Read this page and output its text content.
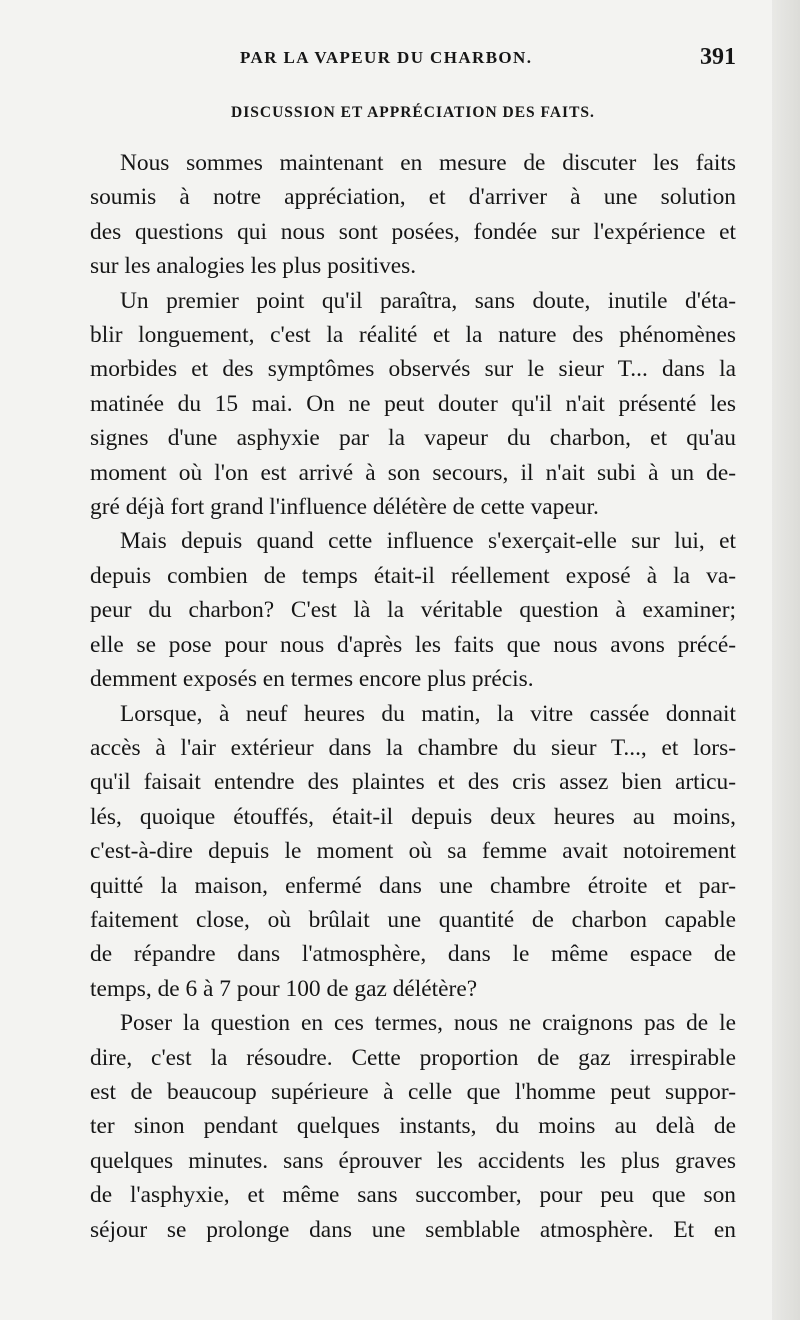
PAR LA VAPEUR DU CHARBON.	391
DISCUSSION ET APPRÉCIATION DES FAITS.

Nous sommes maintenant en mesure de discuter les faits
soumis à notre appréciation, et d'arriver à une solution
des questions qui nous sont posées, fondée sur l'expérience et
sur les analogies les plus positives.

Un premier point qu'il paraîtra, sans doute, inutile d'éta-
blir longuement, c'est la réalité et la nature des phénomènes
morbides et des symptômes observés sur le sieur T... dans la
matinée du 15 mai. On ne peut douter qu'il n'ait présenté les
signes d'une asphyxie par la vapeur du charbon, et qu'au
moment où l'on est arrivé à son secours, il n'ait subi à un de-
gré déjà fort grand l'influence délétère de cette vapeur.

Mais depuis quand cette influence s'exerçait-elle sur lui, et
depuis combien de temps était-il réellement exposé à la va-
peur du charbon? C'est là la véritable question à examiner;
elle se pose pour nous d'après les faits que nous avons précé-
demment exposés en termes encore plus précis.

Lorsque, à neuf heures du matin, la vitre cassée donnait
accès à l'air extérieur dans la chambre du sieur T..., et lors-
qu'il faisait entendre des plaintes et des cris assez bien articu-
lés, quoique étouffés, était-il depuis deux heures au moins,
c'est-à-dire depuis le moment où sa femme avait notoirement
quitté la maison, enfermé dans une chambre étroite et par-
faitement close, où brûlait une quantité de charbon capable
de répandre dans l'atmosphère, dans le même espace de
temps, de 6 à 7 pour 100 de gaz délétère?

Poser la question en ces termes, nous ne craignons pas de le
dire, c'est la résoudre. Cette proportion de gaz irrespirable
est de beaucoup supérieure à celle que l'homme peut suppor-
ter sinon pendant quelques instants, du moins au delà de
quelques minutes. sans éprouver les accidents les plus graves
de l'asphyxie, et même sans succomber, pour peu que son
séjour se prolonge dans une semblable atmosphère. Et en
